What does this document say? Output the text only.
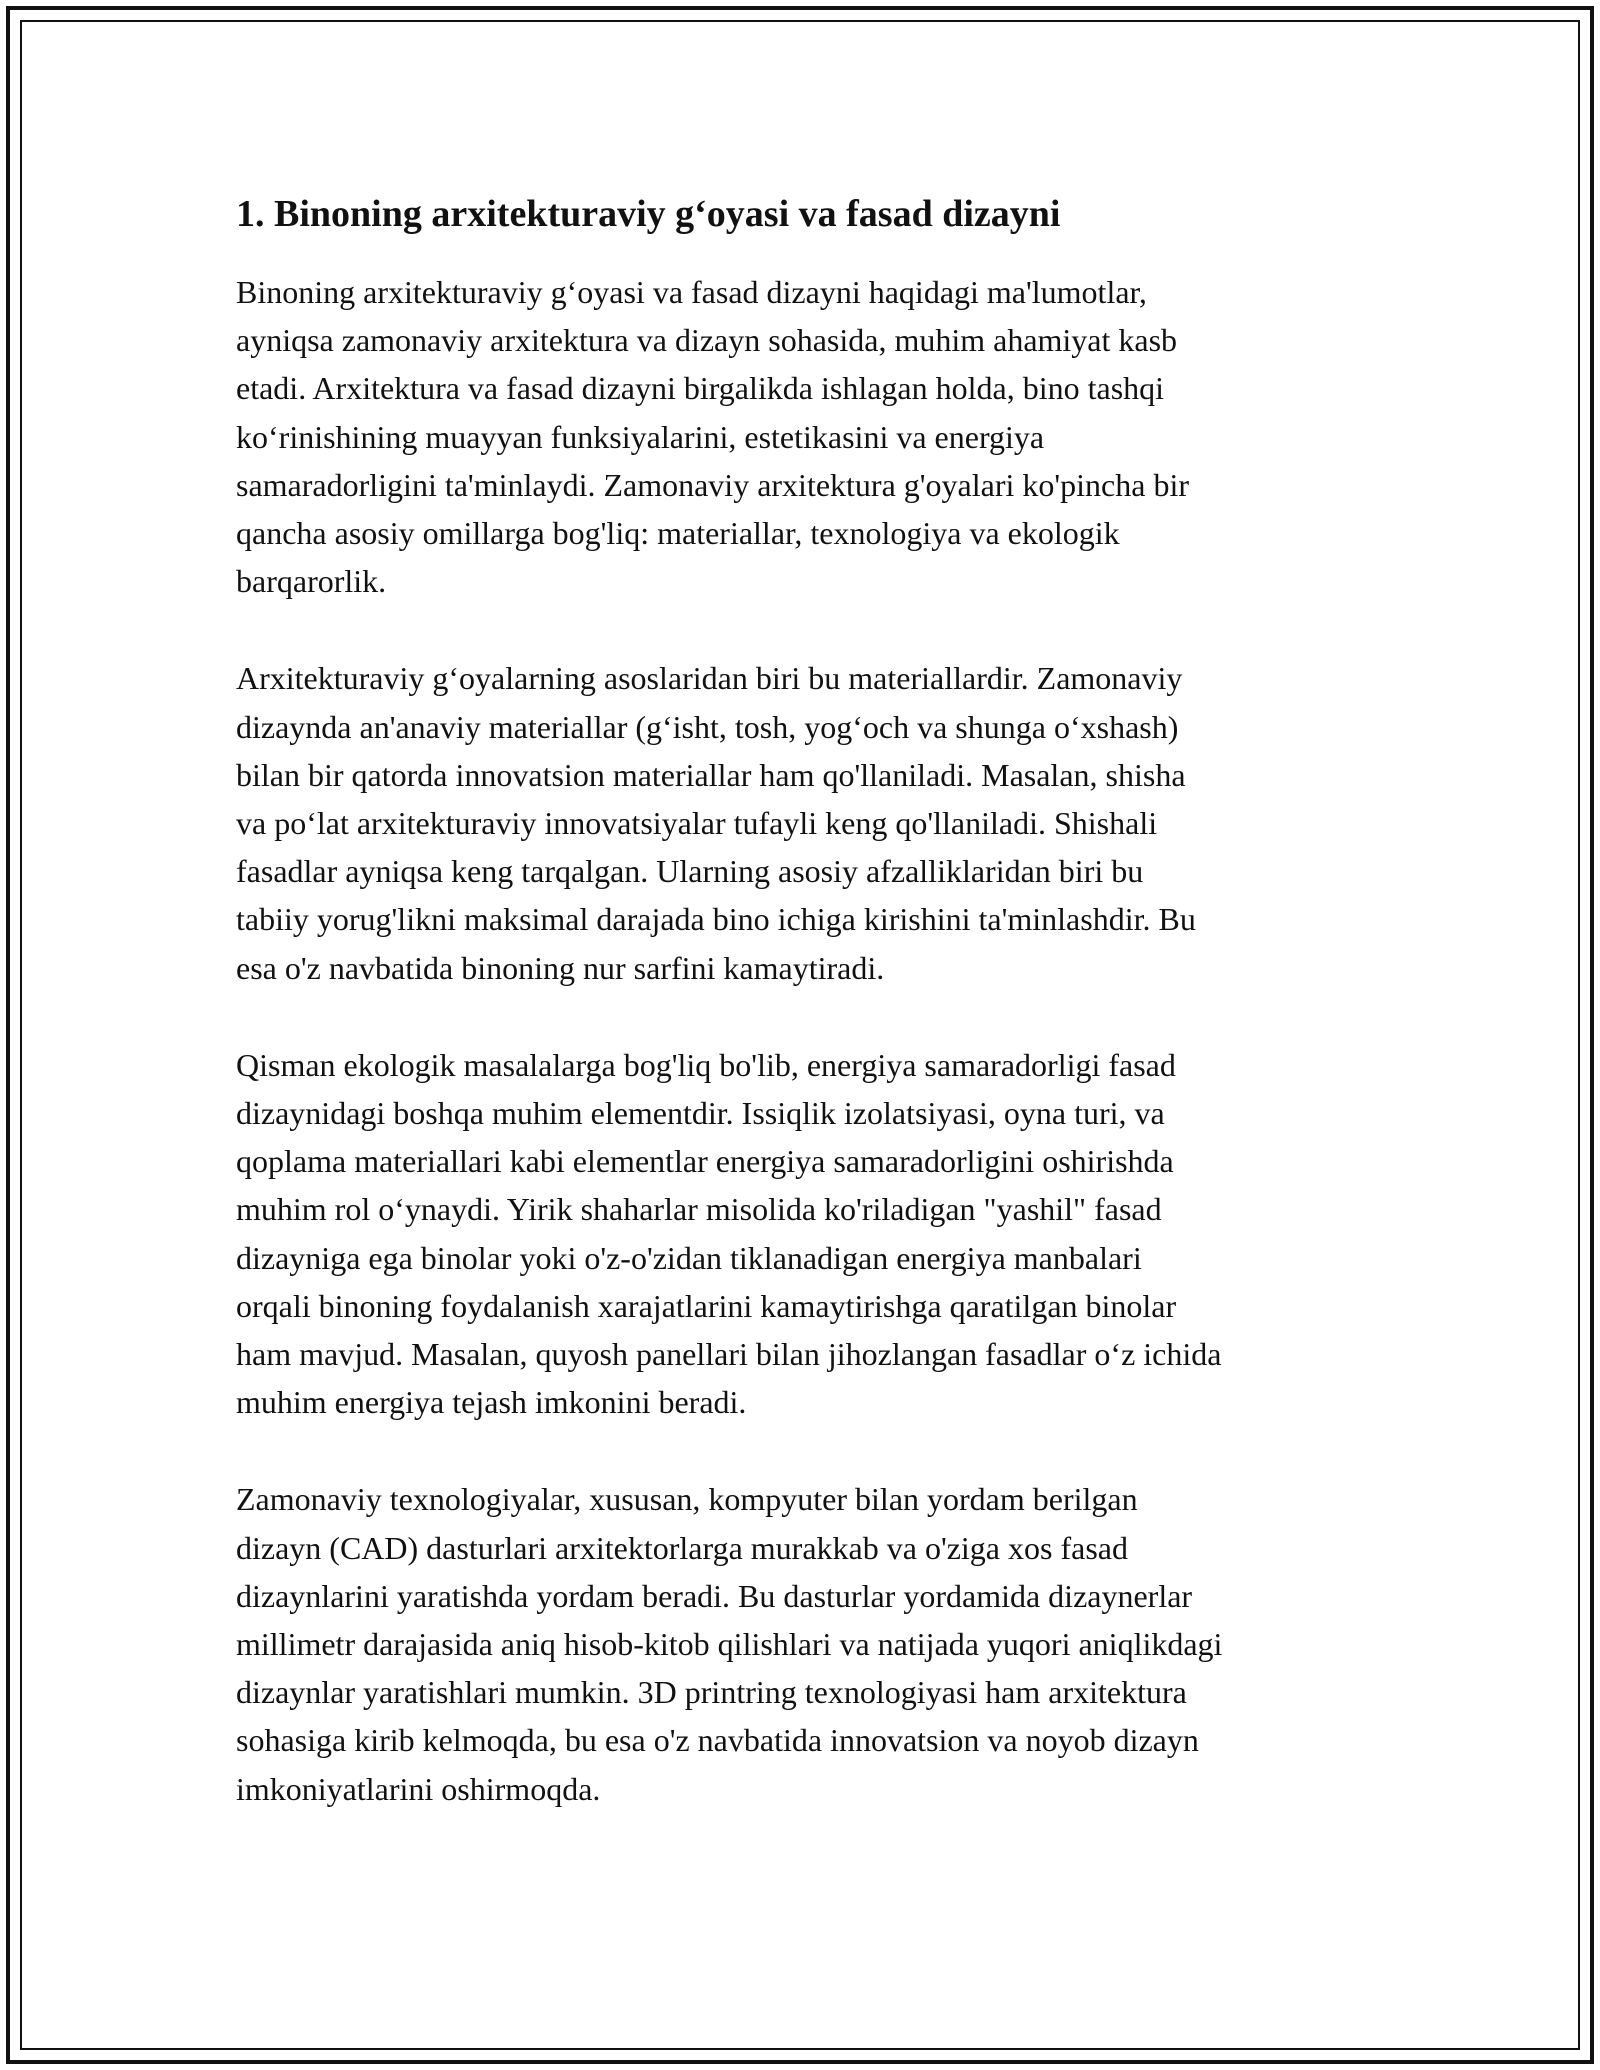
1. Binoning arxitekturaviy g‘oyasi va fasad dizayni

Binoning arxitekturaviy g‘oyasi va fasad dizayni haqidagi ma'lumotlar,
ayniqsa zamonaviy arxitektura va dizayn sohasida, muhim ahamiyat kasb
etadi. Arxitektura va fasad dizayni birgalikda ishlagan holda, bino tashqi
ko‘rinishining muayyan funksiyalarini, estetikasini va energiya
samaradorligini ta'minlaydi. Zamonaviy arxitektura g'oyalari ko'pincha bir
qancha asosiy omillarga bog'liq: materiallar, texnologiya va ekologik
barqarorlik.

Arxitekturaviy g‘oyalarning asoslaridan biri bu materiallardir. Zamonaviy
dizaynda an'anaviy materiallar (g‘isht, tosh, yog‘och va shunga o‘xshash)
bilan bir qatorda innovatsion materiallar ham qo'llaniladi. Masalan, shisha
va po‘lat arxitekturaviy innovatsiyalar tufayli keng qo'llaniladi. Shishali
fasadlar ayniqsa keng tarqalgan. Ularning asosiy afzalliklaridan biri bu
tabiiy yorug'likni maksimal darajada bino ichiga kirishini ta'minlashdir. Bu
esa o'z navbatida binoning nur sarfini kamaytiradi.

Qisman ekologik masalalarga bog'liq bo'lib, energiya samaradorligi fasad
dizaynidagi boshqa muhim elementdir. Issiqlik izolatsiyasi, oyna turi, va
qoplama materiallari kabi elementlar energiya samaradorligini oshirishda
muhim rol o‘ynaydi. Yirik shaharlar misolida ko'riladigan "yashil" fasad
dizayniga ega binolar yoki o'z-o'zidan tiklanadigan energiya manbalari
orqali binoning foydalanish xarajatlarini kamaytirishga qaratilgan binolar
ham mavjud. Masalan, quyosh panellari bilan jihozlangan fasadlar o‘z ichida
muhim energiya tejash imkonini beradi.

Zamonaviy texnologiyalar, xususan, kompyuter bilan yordam berilgan
dizayn (CAD) dasturlari arxitektorlarga murakkab va o'ziga xos fasad
dizaynlarini yaratishda yordam beradi. Bu dasturlar yordamida dizaynerlar
millimetr darajasida aniq hisob-kitob qilishlari va natijada yuqori aniqlikdagi
dizaynlar yaratishlari mumkin. 3D printring texnologiyasi ham arxitektura
sohasiga kirib kelmoqda, bu esa o'z navbatida innovatsion va noyob dizayn
imkoniyatlarini oshirmoqda.
